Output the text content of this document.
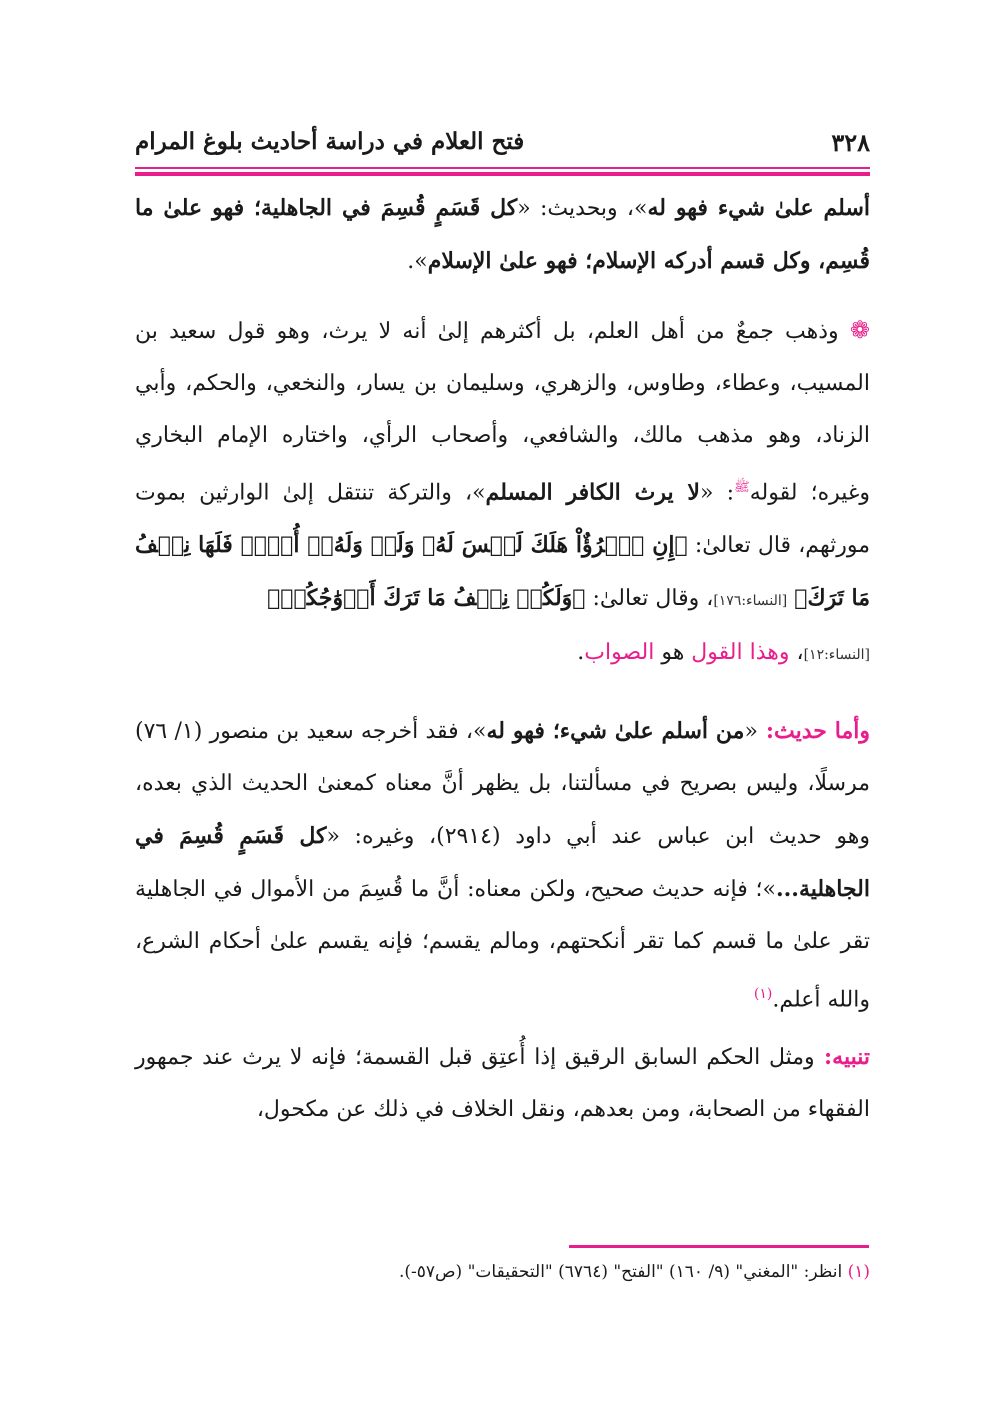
٣٢٨
فتح العلام في دراسة أحاديث بلوغ المرام

أسلم علىٰ شيء فهو له»، وبحديث: «كل قَسَمٍ قُسِمَ في الجاهلية؛ فهو علىٰ ما قُسِم، وكل قسم أدركه الإسلام؛ فهو علىٰ الإسلام».

❁ وذهب جمعٌ من أهل العلم، بل أكثرهم إلىٰ أنه لا يرث، وهو قول سعيد بن المسيب، وعطاء، وطاوس، والزهري، وسليمان بن يسار، والنخعي، والحكم، وأبي الزناد، وهو مذهب مالك، والشافعي، وأصحاب الرأي، واختاره الإمام البخاري وغيره؛ لقوله$^ﷺ$: «لا يرث الكافر المسلم»، والتركة تنتقل إلىٰ الوارثين بموت مورثهم، قال تعالىٰ: ﴿إِنِ ٱمۡرُؤٌاْ هَلَكَ لَيۡسَ لَهُۥ وَلَدٞ وَلَهُۥٓ أُخۡتٞ فَلَهَا نِصۡفُ مَا تَرَكَ﴾ [النساء:١٧٦]، وقال تعالىٰ: ﴿وَلَكُمۡ نِصۡفُ مَا تَرَكَ أَزۡوَٰجُكُمۡ﴾
[النساء:١٢]، وهذا القول هو الصواب.

وأما حديث: «من أسلم علىٰ شيء؛ فهو له»، فقد أخرجه سعيد بن منصور (١/ ٧٦) مرسلًا، وليس بصريح في مسألتنا، بل يظهر أنَّ معناه كمعنىٰ الحديث الذي بعده، وهو حديث ابن عباس عند أبي داود (٢٩١٤)، وغيره: «كل قَسَمٍ قُسِمَ في الجاهلية...»؛ فإنه حديث صحيح، ولكن معناه: أنَّ ما قُسِمَ من الأموال في الجاهلية تقر علىٰ ما قسم كما تقر أنكحتهم، ومالم يقسم؛ فإنه يقسم علىٰ أحكام الشرع، والله أعلم.$^{(١)}$

تنبيه: ومثل الحكم السابق الرقيق إذا أُعتِق قبل القسمة؛ فإنه لا يرث عند جمهور الفقهاء من الصحابة، ومن بعدهم، ونقل الخلاف في ذلك عن مكحول،

(١) انظر: "المغني" (٩/ ١٦٠) "الفتح" (٦٧٦٤) "التحقيقات" (ص٥٧-).
